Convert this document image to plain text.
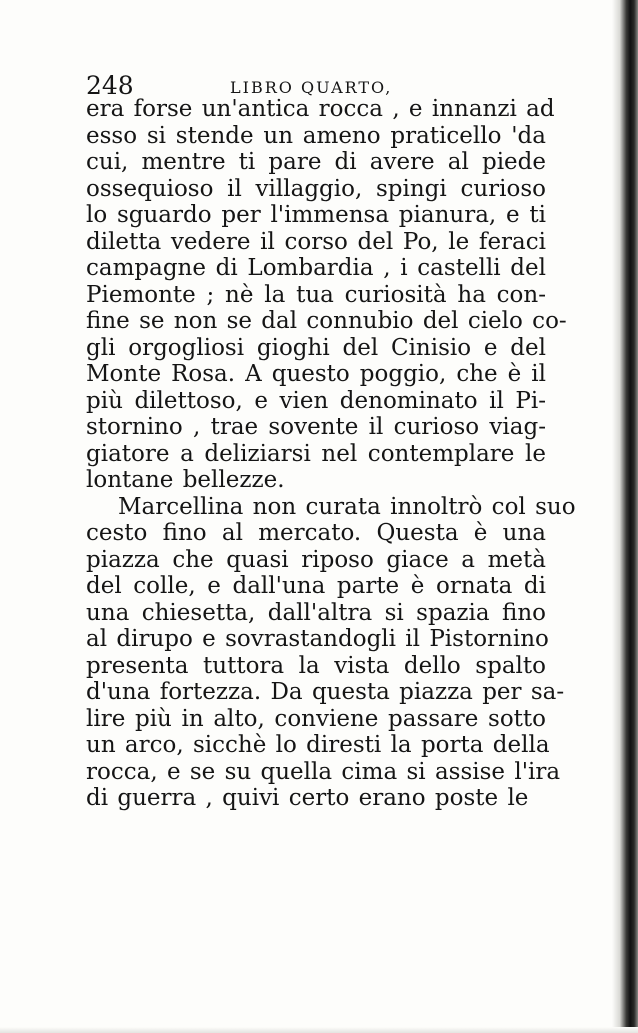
248	LIBRO QUARTO,
era forse un'antica rocca , e innanzi ad
esso si stende un ameno praticello 'da
cui, mentre ti pare di avere al piede
ossequioso il villaggio, spingi curioso
lo sguardo per l'immensa pianura, e ti
diletta vedere il corso del Po, le feraci
campagne di Lombardia , i castelli del
Piemonte ; nè la tua curiosità ha con-
fine se non se dal connubio del cielo co-
gli orgogliosi gioghi del Cinisio e del
Monte Rosa. A questo poggio, che è il
più dilettoso, e vien denominato il Pi-
stornino , trae sovente il curioso viag-
giatore a deliziarsi nel contemplare le
lontane bellezze.
Marcellina non curata innoltrò col suo
cesto fino al mercato. Questa è una
piazza che quasi riposo giace a metà
del colle, e dall'una parte è ornata di
una chiesetta, dall'altra si spazia fino
al dirupo e sovrastandogli il Pistornino
presenta tuttora la vista dello spalto
d'una fortezza. Da questa piazza per sa-
lire più in alto, conviene passare sotto
un arco, sicchè lo diresti la porta della
rocca, e se su quella cima si assise l'ira
di guerra , quivi certo erano poste le
